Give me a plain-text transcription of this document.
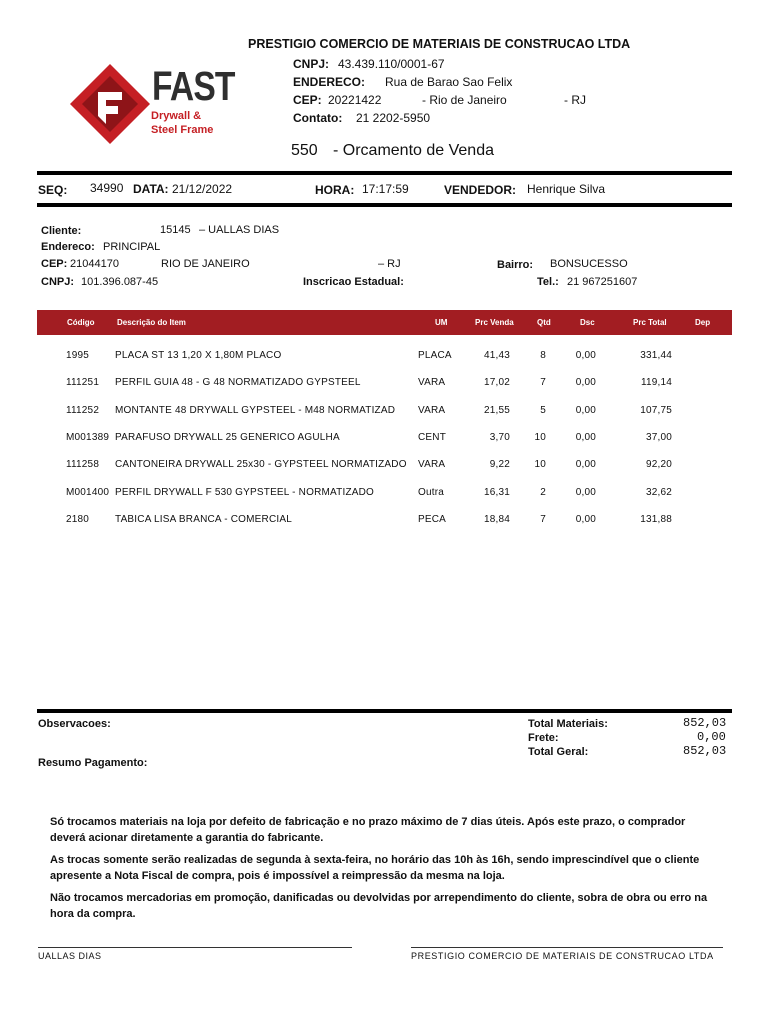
FAST
Drywall &
Steel Frame
PRESTIGIO COMERCIO DE MATERIAIS DE CONSTRUCAO LTDA
CNPJ: 43.439.110/0001-67
ENDERECO: Rua de Barao Sao Felix
CEP: 20221422	- Rio de Janeiro	- RJ
Contato: 21 2202-5950
550 - Orcamento de Venda
SEQ: 34990 DATA: 21/12/2022	HORA: 17:17:59	VENDEDOR: Henrique Silva
Cliente:	15145 – UALLAS DIAS
Endereco: PRINCIPAL
CEP: 21044170	RIO DE JANEIRO	– RJ	Bairro: BONSUCESSO
CNPJ: 101.396.087-45	Inscricao Estadual:	Tel.: 21 967251607
Código	Descrição do Item	UM	Prc Venda	Qtd	Dsc	Prc Total	Dep
1995	PLACA ST 13 1,20 X 1,80M PLACO	PLACA	41,43	8	0,00	331,44
111251	PERFIL GUIA 48 - G 48 NORMATIZADO GYPSTEEL	VARA	17,02	7	0,00	119,14
111252	MONTANTE 48 DRYWALL GYPSTEEL - M48 NORMATIZAD	VARA	21,55	5	0,00	107,75
M001389 PARAFUSO DRYWALL 25 GENERICO AGULHA	CENT	3,70	10	0,00	37,00
111258	CANTONEIRA DRYWALL 25x30 - GYPSTEEL NORMATIZADO	VARA	9,22	10	0,00	92,20
M001400 PERFIL DRYWALL F 530 GYPSTEEL - NORMATIZADO	Outra	16,31	2	0,00	32,62
2180	TABICA LISA BRANCA - COMERCIAL	PECA	18,84	7	0,00	131,88
Observacoes:
Resumo Pagamento:
Total Materiais:	852,03
Frete:	0,00
Total Geral:	852,03

Só trocamos materiais na loja por defeito de fabricação e no prazo máximo de 7 dias úteis. Após este prazo, o comprador deverá acionar diretamente a garantia do fabricante.

As trocas somente serão realizadas de segunda à sexta-feira, no horário das 10h às 16h, sendo imprescindível que o cliente apresente a Nota Fiscal de compra, pois é impossível a reimpressão da mesma na loja.

Não trocamos mercadorias em promoção, danificadas ou devolvidas por arrependimento do cliente, sobra de obra ou erro na hora da compra.

UALLAS DIAS	PRESTIGIO COMERCIO DE MATERIAIS DE CONSTRUCAO LTDA
